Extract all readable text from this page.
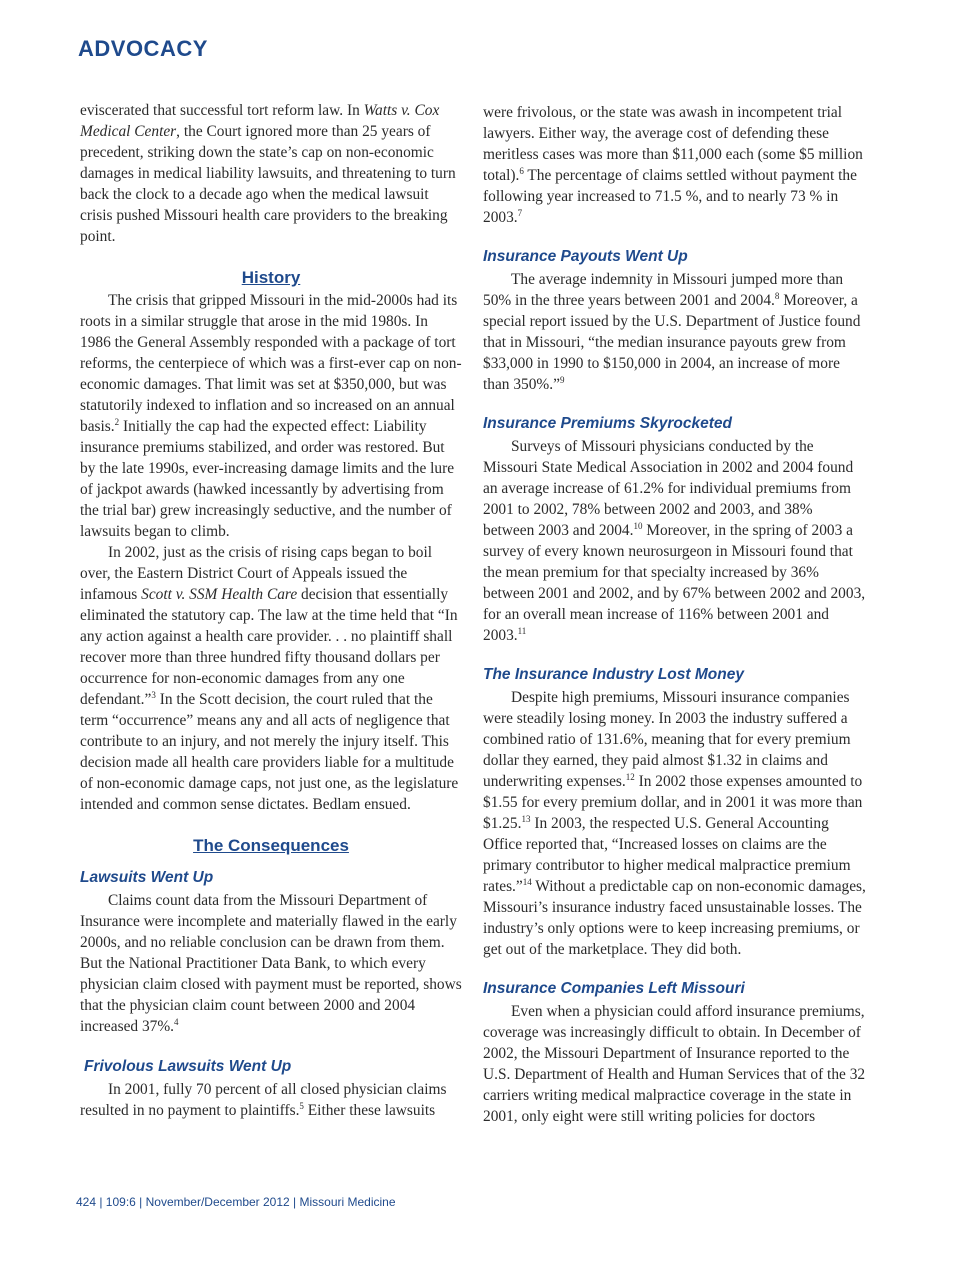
ADVOCACY

eviscerated that successful tort reform law. In Watts v. Cox Medical Center, the Court ignored more than 25 years of precedent, striking down the state’s cap on non-economic damages in medical liability lawsuits, and threatening to turn back the clock to a decade ago when the medical lawsuit crisis pushed Missouri health care providers to the breaking point.

History

The crisis that gripped Missouri in the mid-2000s had its roots in a similar struggle that arose in the mid 1980s. In 1986 the General Assembly responded with a package of tort reforms, the centerpiece of which was a first-ever cap on non-economic damages. That limit was set at $350,000, but was statutorily indexed to inflation and so increased on an annual basis.$^2$ Initially the cap had the expected effect: Liability insurance premiums stabilized, and order was restored. But by the late 1990s, ever-increasing damage limits and the lure of jackpot awards (hawked incessantly by advertising from the trial bar) grew increasingly seductive, and the number of lawsuits began to climb.

In 2002, just as the crisis of rising caps began to boil over, the Eastern District Court of Appeals issued the infamous Scott v. SSM Health Care decision that essentially eliminated the statutory cap. The law at the time held that “In any action against a health care provider. . . no plaintiff shall recover more than three hundred fifty thousand dollars per occurrence for non-economic damages from any one defendant.”$^3$ In the Scott decision, the court ruled that the term “occurrence” means any and all acts of negligence that contribute to an injury, and not merely the injury itself. This decision made all health care providers liable for a multitude of non-economic damage caps, not just one, as the legislature intended and common sense dictates. Bedlam ensued.

The Consequences
Lawsuits Went Up

Claims count data from the Missouri Department of Insurance were incomplete and materially flawed in the early 2000s, and no reliable conclusion can be drawn from them. But the National Practitioner Data Bank, to which every physician claim closed with payment must be reported, shows that the physician claim count between 2000 and 2004 increased 37%.$^4$

Frivolous Lawsuits Went Up

In 2001, fully 70 percent of all closed physician claims resulted in no payment to plaintiffs.$^5$ Either these lawsuits

were frivolous, or the state was awash in incompetent trial lawyers. Either way, the average cost of defending these meritless cases was more than $11,000 each (some $5 million total).$^6$ The percentage of claims settled without payment the following year increased to 71.5 %, and to nearly 73 % in 2003.$^7$

Insurance Payouts Went Up

The average indemnity in Missouri jumped more than 50% in the three years between 2001 and 2004.$^8$ Moreover, a special report issued by the U.S. Department of Justice found that in Missouri, “the median insurance payouts grew from $33,000 in 1990 to $150,000 in 2004, an increase of more than 350%.”$^9$

Insurance Premiums Skyrocketed

Surveys of Missouri physicians conducted by the Missouri State Medical Association in 2002 and 2004 found an average increase of 61.2% for individual premiums from 2001 to 2002, 78% between 2002 and 2003, and 38% between 2003 and 2004.10 Moreover, in the spring of 2003 a survey of every known neurosurgeon in Missouri found that the mean premium for that specialty increased by 36% between 2001 and 2002, and by 67% between 2002 and 2003, for an overall mean increase of 116% between 2001 and 2003.11

The Insurance Industry Lost Money

Despite high premiums, Missouri insurance companies were steadily losing money. In 2003 the industry suffered a combined ratio of 131.6%, meaning that for every premium dollar they earned, they paid almost $1.32 in claims and underwriting expenses.$^{12}$ In 2002 those expenses amounted to $1.55 for every premium dollar, and in 2001 it was more than $1.25.13 In 2003, the respected U.S. General Accounting Office reported that, “Increased losses on claims are the primary contributor to higher medical malpractice premium rates.”$^{14}$ Without a predictable cap on non-economic damages, Missouri’s insurance industry faced unsustainable losses. The industry’s only options were to keep increasing premiums, or get out of the marketplace. They did both.

Insurance Companies Left Missouri

Even when a physician could afford insurance premiums, coverage was increasingly difficult to obtain. In December of 2002, the Missouri Department of Insurance reported to the U.S. Department of Health and Human Services that of the 32 carriers writing medical malpractice coverage in the state in 2001, only eight were still writing policies for doctors

424 | 109:6 | November/December 2012 | Missouri Medicine
